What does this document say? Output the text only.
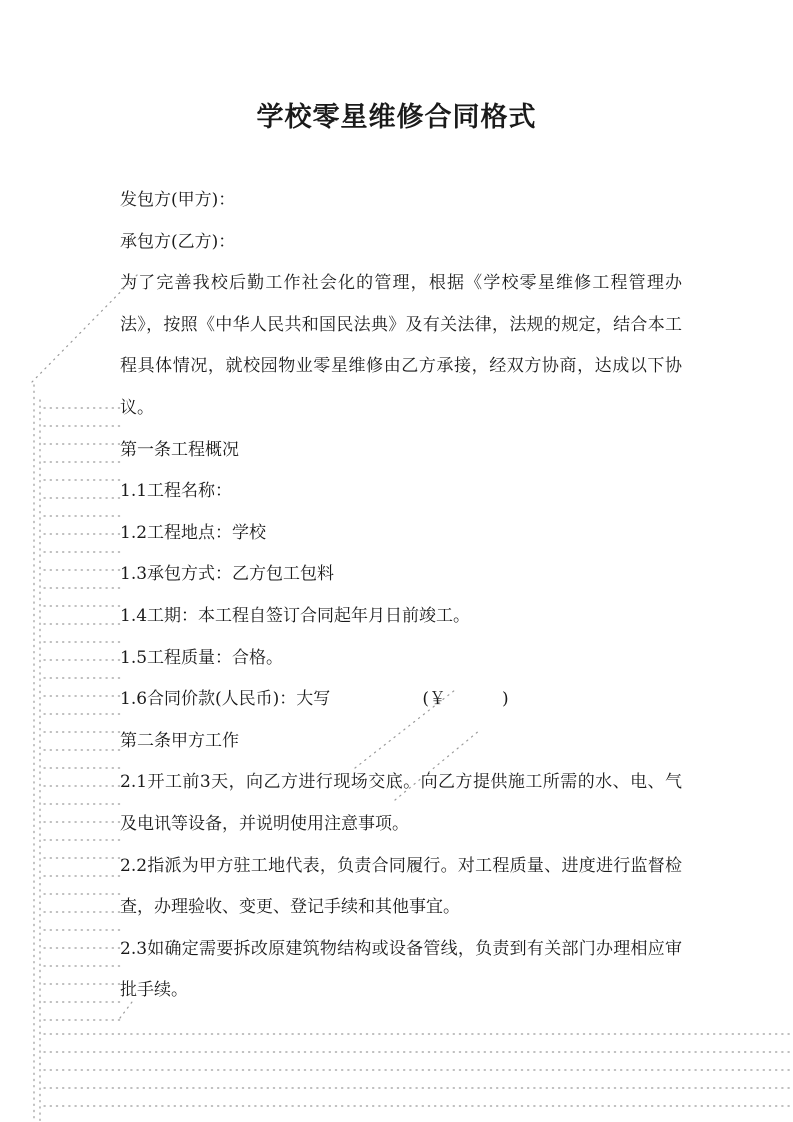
学校零星维修合同格式
发包方(甲方)：
承包方(乙方)：
为了完善我校后勤工作社会化的管理，根据《学校零星维修工程管理办法》，按照《中华人民共和国民法典》及有关法律，法规的规定，结合本工程具体情况，就校园物业零星维修由乙方承接，经双方协商，达成以下协议。
第一条工程概况
1.1工程名称：
1.2工程地点：学校
1.3承包方式：乙方包工包料
1.4工期：本工程自签订合同起年月日前竣工。
1.5工程质量：合格。
1.6合同价款(人民币)：大写	(￥	)
第二条甲方工作
2.1开工前3天，向乙方进行现场交底。向乙方提供施工所需的水、电、气及电讯等设备，并说明使用注意事项。
2.2指派为甲方驻工地代表，负责合同履行。对工程质量、进度进行监督检查，办理验收、变更、登记手续和其他事宜。
2.3如确定需要拆改原建筑物结构或设备管线，负责到有关部门办理相应审批手续。
